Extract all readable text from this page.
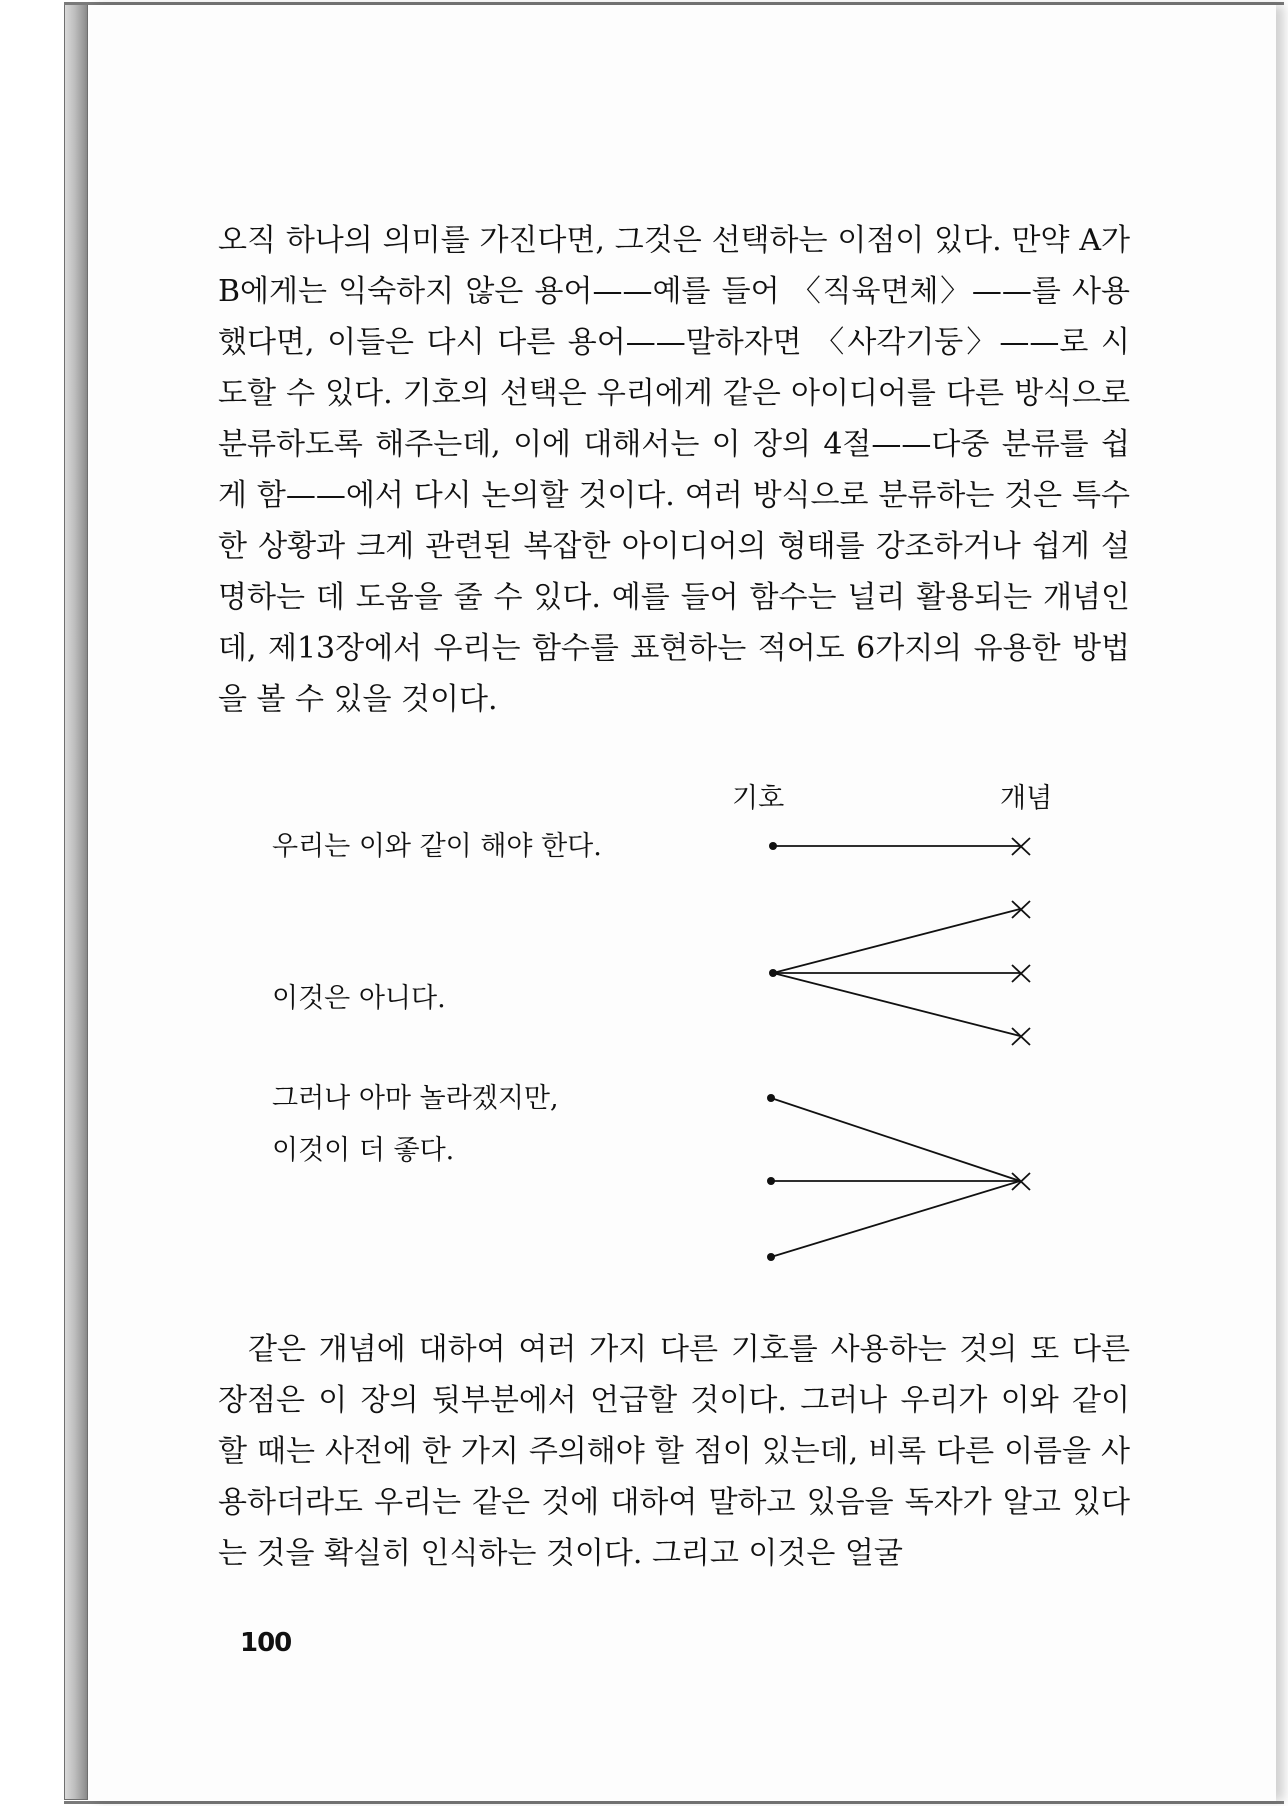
오직 하나의 의미를 가진다면, 그것은 선택하는 이점이 있다. 만약 A가 B에게는 익숙하지 않은 용어——예를 들어 〈직육면체〉——를 사용했다면, 이들은 다시 다른 용어——말하자면 〈사각기둥〉——로 시도할 수 있다. 기호의 선택은 우리에게 같은 아이디어를 다른 방식으로 분류하도록 해주는데, 이에 대해서는 이 장의 4절——다중 분류를 쉽게 함——에서 다시 논의할 것이다. 여러 방식으로 분류하는 것은 특수한 상황과 크게 관련된 복잡한 아이디어의 형태를 강조하거나 쉽게 설명하는 데 도움을 줄 수 있다. 예를 들어 함수는 널리 활용되는 개념인데, 제13장에서 우리는 함수를 표현하는 적어도 6가지의 유용한 방법을 볼 수 있을 것이다.

기호	개념
우리는 이와 같이 해야 한다.
이것은 아니다.
그러나 아마 놀라겠지만,
이것이 더 좋다.

같은 개념에 대하여 여러 가지 다른 기호를 사용하는 것의 또 다른 장점은 이 장의 뒷부분에서 언급할 것이다. 그러나 우리가 이와 같이 할 때는 사전에 한 가지 주의해야 할 점이 있는데, 비록 다른 이름을 사용하더라도 우리는 같은 것에 대하여 말하고 있음을 독자가 알고 있다는 것을 확실히 인식하는 것이다. 그리고 이것은 얼굴

100
